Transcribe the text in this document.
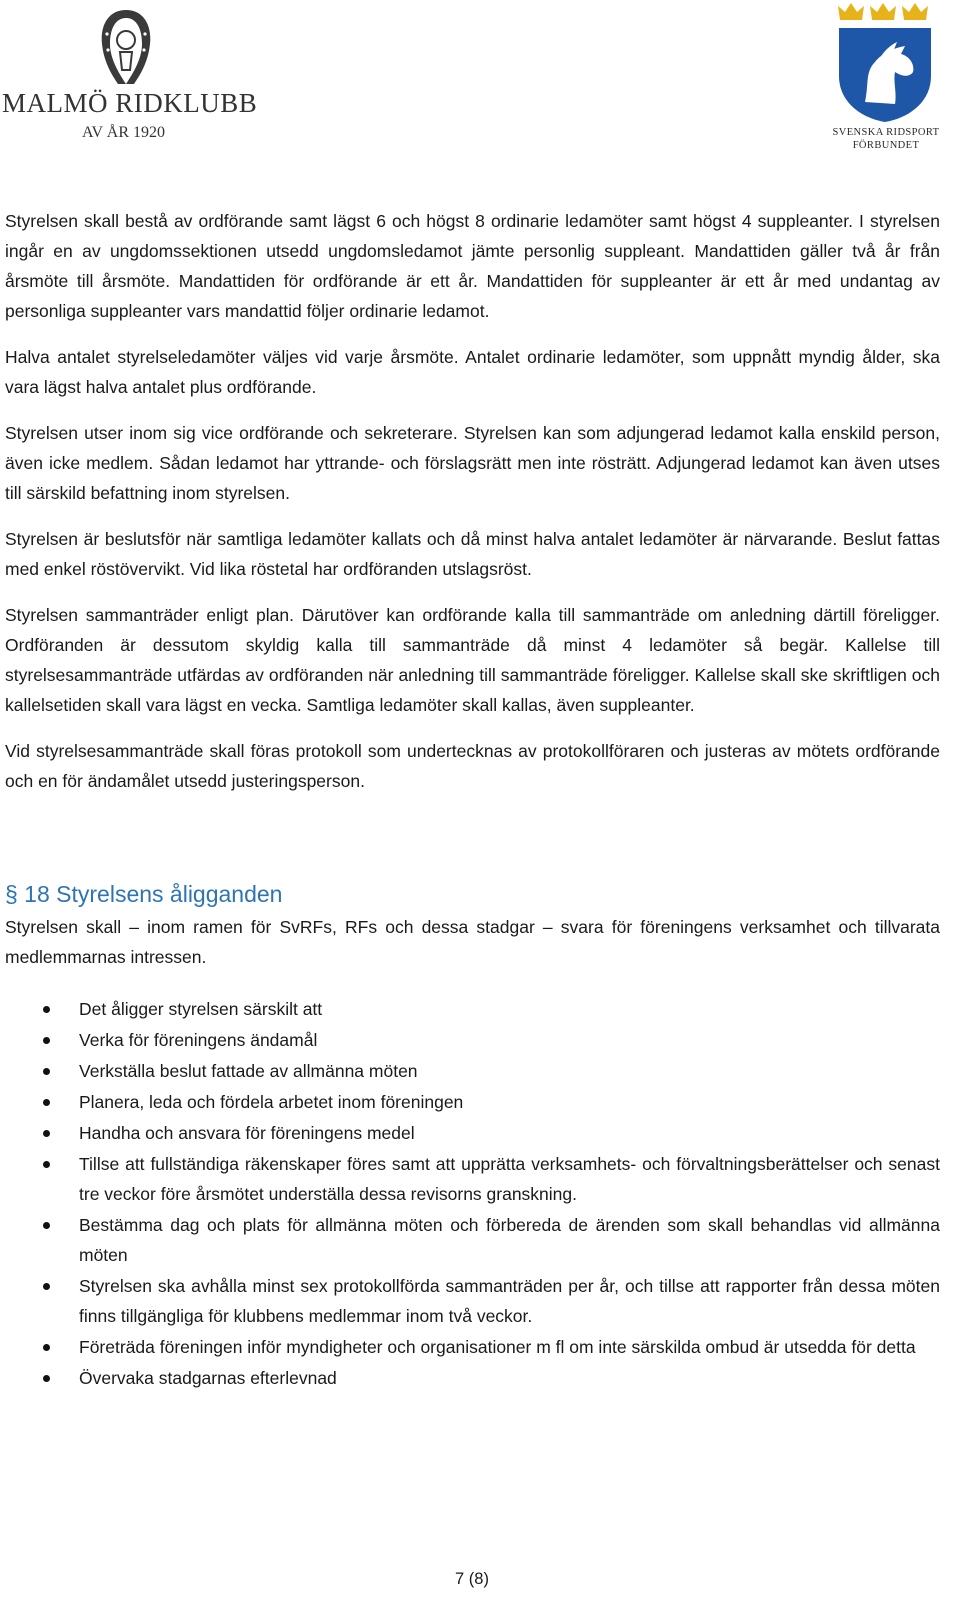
MALMÖ RIDKLUBB
AV ÅR 1920	SVENSKA RIDSPORT
FÖRBUNDET

Styrelsen skall bestå av ordförande samt lägst 6 och högst 8 ordinarie ledamöter samt högst 4 suppleanter. I styrelsen ingår en av ungdomssektionen utsedd ungdomsledamot jämte personlig suppleant. Mandattiden gäller två år från årsmöte till årsmöte. Mandattiden för ordförande är ett år. Mandattiden för suppleanter är ett år med undantag av personliga suppleanter vars mandattid följer ordinarie ledamot.

Halva antalet styrelseledamöter väljes vid varje årsmöte. Antalet ordinarie ledamöter, som uppnått myndig ålder, ska vara lägst halva antalet plus ordförande.

Styrelsen utser inom sig vice ordförande och sekreterare. Styrelsen kan som adjungerad ledamot kalla enskild person, även icke medlem. Sådan ledamot har yttrande- och förslagsrätt men inte rösträtt. Adjungerad ledamot kan även utses till särskild befattning inom styrelsen.

Styrelsen är beslutsför när samtliga ledamöter kallats och då minst halva antalet ledamöter är närvarande. Beslut fattas med enkel röstövervikt. Vid lika röstetal har ordföranden utslagsröst.

Styrelsen sammanträder enligt plan. Därutöver kan ordförande kalla till sammanträde om anledning därtill föreligger. Ordföranden är dessutom skyldig kalla till sammanträde då minst 4 ledamöter så begär. Kallelse till styrelsesammanträde utfärdas av ordföranden när anledning till sammanträde föreligger. Kallelse skall ske skriftligen och kallelsetiden skall vara lägst en vecka. Samtliga ledamöter skall kallas, även suppleanter.

Vid styrelsesammanträde skall föras protokoll som undertecknas av protokollföraren och justeras av mötets ordförande och en för ändamålet utsedd justeringsperson.

§ 18 Styrelsens åligganden

Styrelsen skall – inom ramen för SvRFs, RFs och dessa stadgar – svara för föreningens verksamhet och tillvarata medlemmarnas intressen.

Det åligger styrelsen särskilt att
Verka för föreningens ändamål
Verkställa beslut fattade av allmänna möten
Planera, leda och fördela arbetet inom föreningen
Handha och ansvara för föreningens medel
Tillse att fullständiga räkenskaper föres samt att upprätta verksamhets- och förvaltningsberättelser och senast tre veckor före årsmötet underställa dessa revisorns granskning.
Bestämma dag och plats för allmänna möten och förbereda de ärenden som skall behandlas vid allmänna möten
Styrelsen ska avhålla minst sex protokollförda sammanträden per år, och tillse att rapporter från dessa möten finns tillgängliga för klubbens medlemmar inom två veckor.
Företräda föreningen inför myndigheter och organisationer m fl om inte särskilda ombud är utsedda för detta
Övervaka stadgarnas efterlevnad
7 (8)
